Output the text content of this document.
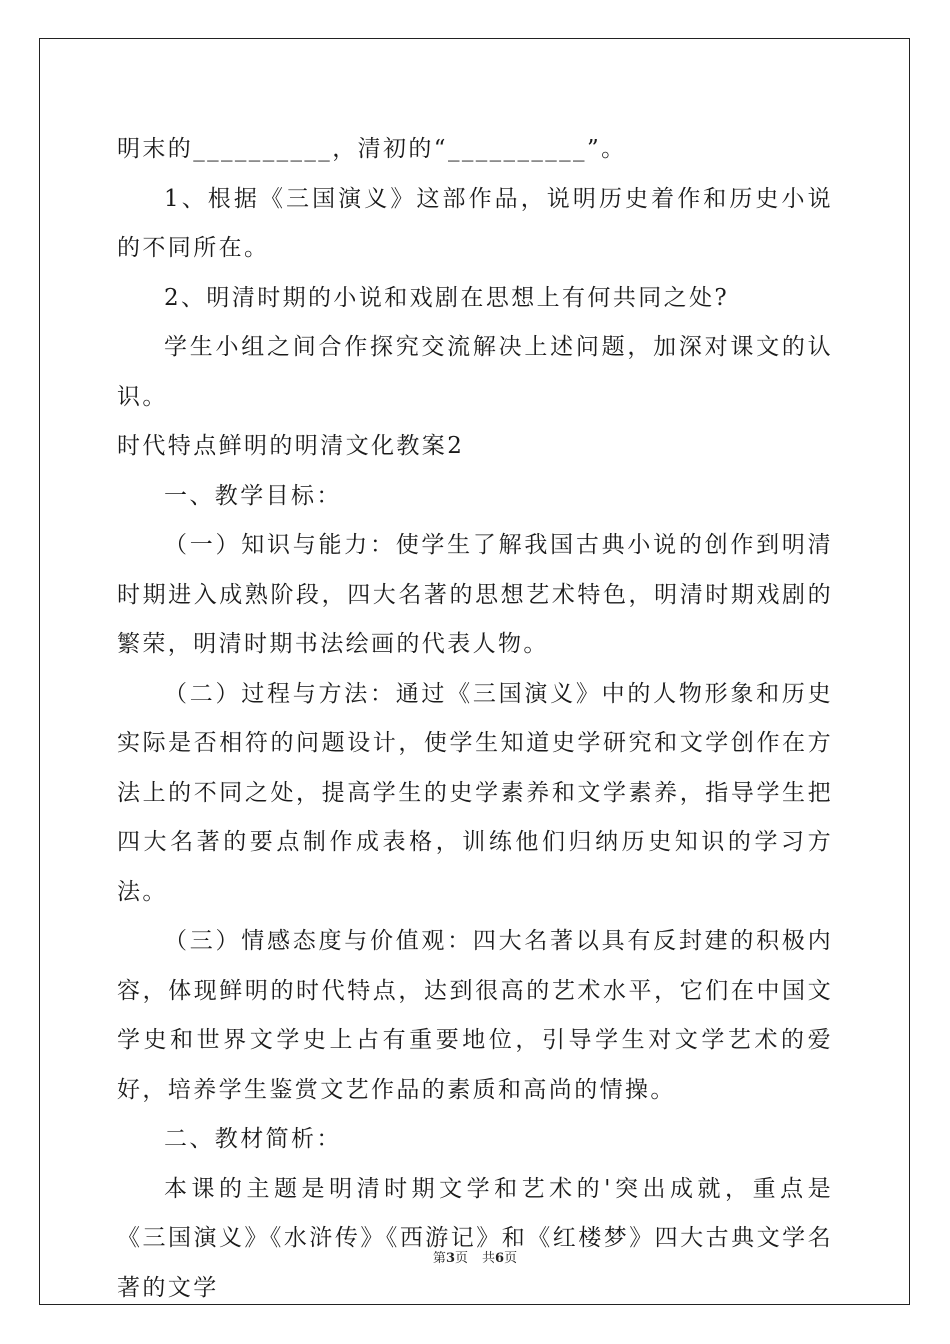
明末的__________，清初的“__________”。

1、根据《三国演义》这部作品，说明历史着作和历史小说的不同所在。

2、明清时期的小说和戏剧在思想上有何共同之处?

学生小组之间合作探究交流解决上述问题，加深对课文的认识。

时代特点鲜明的明清文化教案2

一、教学目标：

（一）知识与能力：使学生了解我国古典小说的创作到明清时期进入成熟阶段，四大名著的思想艺术特色，明清时期戏剧的繁荣，明清时期书法绘画的代表人物。

（二）过程与方法：通过《三国演义》中的人物形象和历史实际是否相符的问题设计，使学生知道史学研究和文学创作在方法上的不同之处，提高学生的史学素养和文学素养，指导学生把四大名著的要点制作成表格，训练他们归纳历史知识的学习方法。

（三）情感态度与价值观：四大名著以具有反封建的积极内容，体现鲜明的时代特点，达到很高的艺术水平，它们在中国文学史和世界文学史上占有重要地位，引导学生对文学艺术的爱好，培养学生鉴赏文艺作品的素质和高尚的情操。

二、教材简析：

本课的主题是明清时期文学和艺术的'突出成就，重点是《三国演义》《水浒传》《西游记》和《红楼梦》四大古典文学名著的文学

第3页 共6页
